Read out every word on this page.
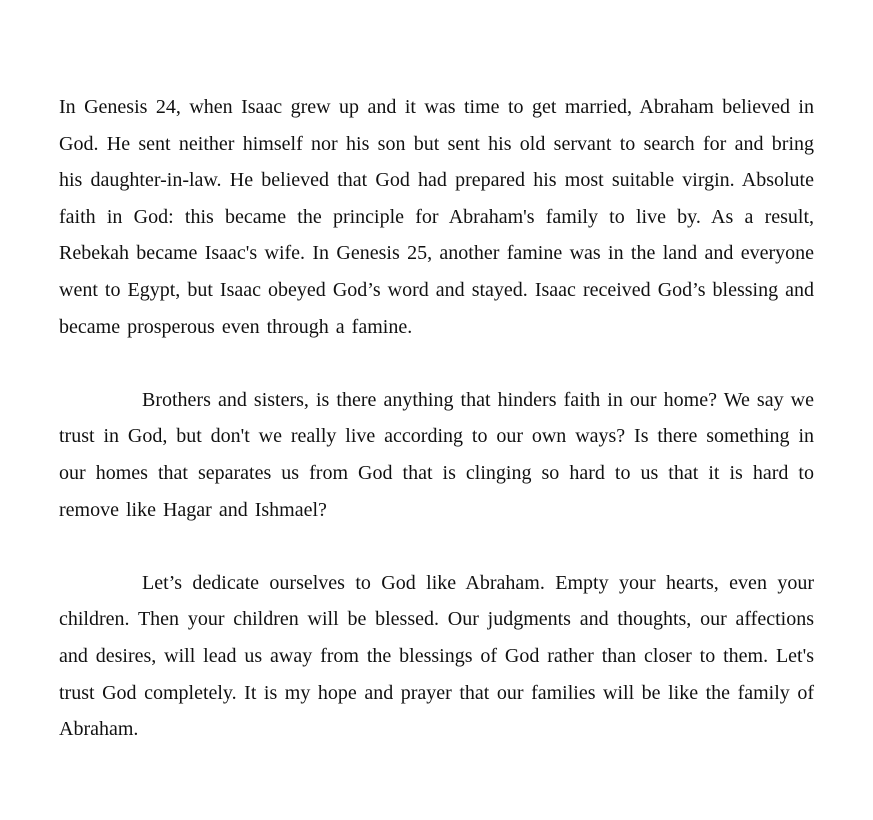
In Genesis 24, when Isaac grew up and it was time to get married, Abraham believed in God. He sent neither himself nor his son but sent his old servant to search for and bring his daughter-in-law. He believed that God had prepared his most suitable virgin. Absolute faith in God: this became the principle for Abraham's family to live by. As a result, Rebekah became Isaac's wife. In Genesis 25, another famine was in the land and everyone went to Egypt, but Isaac obeyed God’s word and stayed. Isaac received God’s blessing and became prosperous even through a famine.

Brothers and sisters, is there anything that hinders faith in our home? We say we trust in God, but don't we really live according to our own ways? Is there something in our homes that separates us from God that is clinging so hard to us that it is hard to remove like Hagar and Ishmael?

Let’s dedicate ourselves to God like Abraham. Empty your hearts, even your children. Then your children will be blessed. Our judgments and thoughts, our affections and desires, will lead us away from the blessings of God rather than closer to them. Let's trust God completely. It is my hope and prayer that our families will be like the family of Abraham.
